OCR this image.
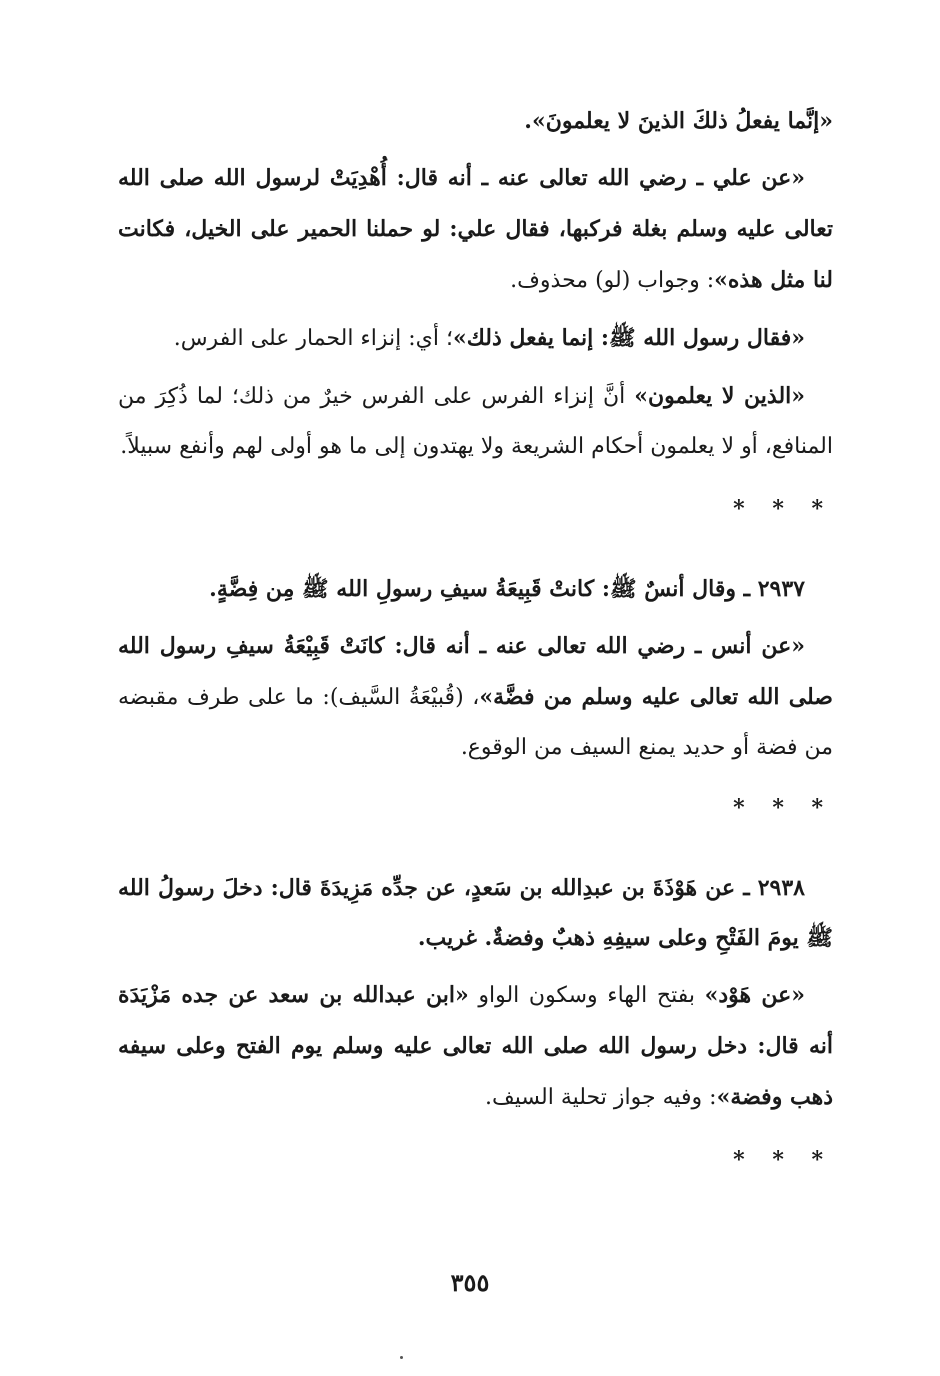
«إنَّما يفعلُ ذلكَ الذينَ لا يعلمونَ».

«عن علي ـ رضي الله تعالى عنه ـ أنه قال: أُهْدِيَتْ لرسول الله صلى الله تعالى عليه وسلم بغلة فركبها، فقال علي: لو حملنا الحمير على الخيل، فكانت لنا مثل هذه»: وجواب (لو) محذوف.

«فقال رسول الله ﷺ: إنما يفعل ذلك»؛ أي: إنزاء الحمار على الفرس.

«الذين لا يعلمون» أنَّ إنزاء الفرس على الفرس خيرٌ من ذلك؛ لما ذُكِرَ من المنافع، أو لا يعلمون أحكام الشريعة ولا يهتدون إلى ما هو أولى لهم وأنفع سبيلاً.

* * *

٢٩٣٧ ـ وقال أنسٌ ﷺ: كانتْ قَبِيعَةُ سيفِ رسولِ الله ﷺ مِن فِضَّةٍ.

«عن أنس ـ رضي الله تعالى عنه ـ أنه قال: كانَتْ قَبِيْعَةُ سيفِ رسول الله صلى الله تعالى عليه وسلم من فضَّة»، (قُبيْعَةُ السَّيف): ما على طرف مقبضه من فضة أو حديد يمنع السيف من الوقوع.

* * *

٢٩٣٨ ـ عن هَوْذَةَ بن عبدِالله بن سَعدٍ، عن جدِّه مَزِيدَةَ قال: دخلَ رسولُ الله ﷺ يومَ الفَتْحِ وعلى سيفِهِ ذهبٌ وفضةٌ. غريب.

«عن هَوْد» بفتح الهاء وسكون الواو «ابن عبدالله بن سعد عن جده مَزْيَدَة أنه قال: دخل رسول الله صلى الله تعالى عليه وسلم يوم الفتح وعلى سيفه ذهب وفضة»: وفيه جواز تحلية السيف.

* * *
٣٥٥
